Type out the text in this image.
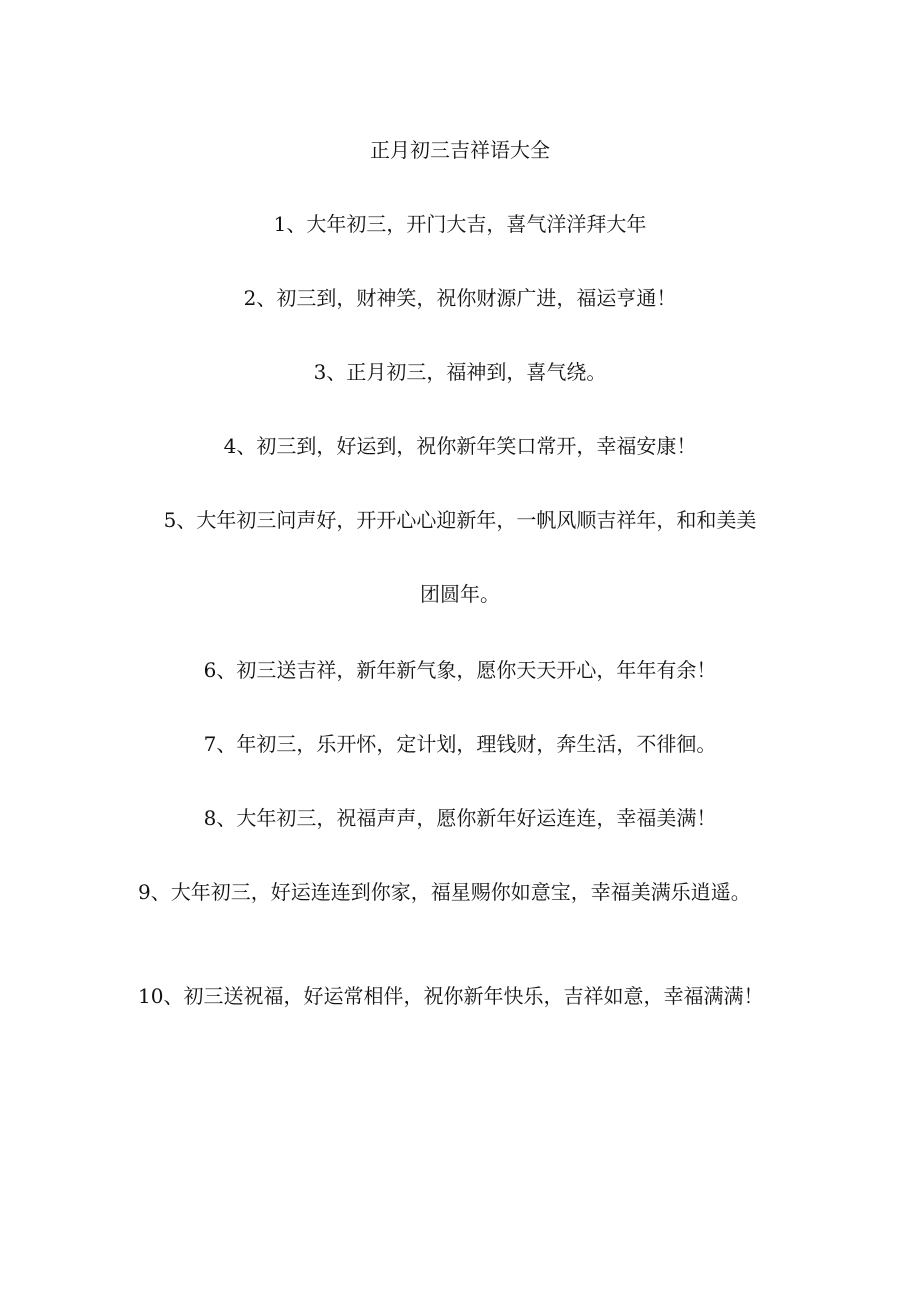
正月初三吉祥语大全
1、大年初三，开门大吉，喜气洋洋拜大年
2、初三到，财神笑，祝你财源广进，福运亨通！
3、正月初三，福神到，喜气绕。
4、初三到，好运到，祝你新年笑口常开，幸福安康！
5、大年初三问声好，开开心心迎新年，一帆风顺吉祥年，和和美美
团圆年。
6、初三送吉祥，新年新气象，愿你天天开心，年年有余！
7、年初三，乐开怀，定计划，理钱财，奔生活，不徘徊。
8、大年初三，祝福声声，愿你新年好运连连，幸福美满！
9、大年初三，好运连连到你家，福星赐你如意宝，幸福美满乐逍遥。
10、初三送祝福，好运常相伴，祝你新年快乐，吉祥如意，幸福满满！
